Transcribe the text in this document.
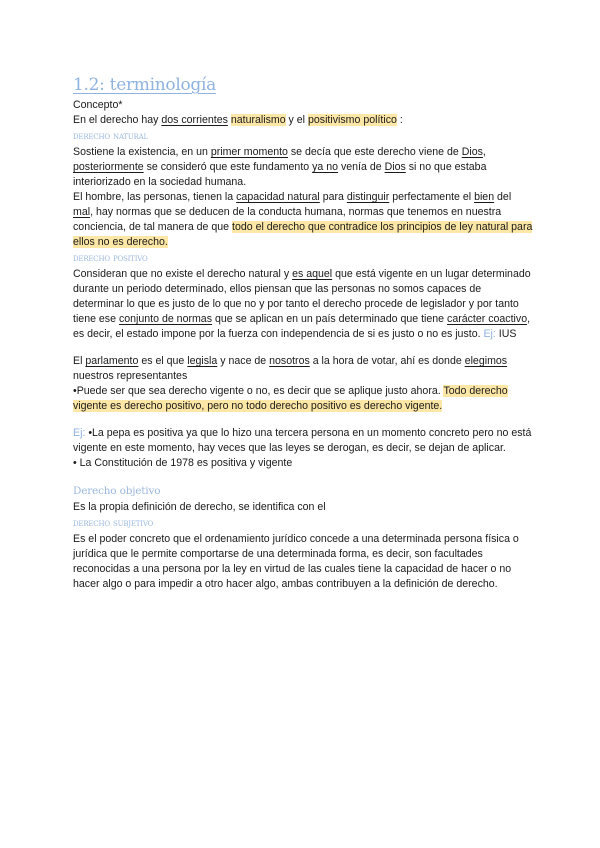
1.2: terminología

Concepto*

En el derecho hay dos corrientes naturalismo y el positivismo político :

derecho natural

Sostiene la existencia, en un primer momento se decía que este derecho viene de Dios,
posteriormente se consideró que este fundamento ya no venía de Dios si no que estaba interiorizado en la sociedad humana.

El hombre, las personas, tienen la capacidad natural para distinguir perfectamente el bien del mal, hay normas que se deducen de la conducta humana, normas que tenemos en nuestra conciencia, de tal manera de que todo el derecho que contradice los principios de ley natural para ellos no es derecho.

derecho positivo

Consideran que no existe el derecho natural y es aquel que está vigente en un lugar determinado durante un periodo determinado, ellos piensan que las personas no somos capaces de determinar lo que es justo de lo que no y por tanto el derecho procede de legislador y por tanto tiene ese conjunto de normas que se aplican en un país determinado que tiene carácter coactivo, es decir, el estado impone por la fuerza con independencia de si es justo o no es justo. Ej: IUS

El parlamento es el que legisla y nace de nosotros a la hora de votar, ahí es donde elegimos nuestros representantes

•Puede ser que sea derecho vigente o no, es decir que se aplique justo ahora. Todo derecho vigente es derecho positivo, pero no todo derecho positivo es derecho vigente.

Ej: •La pepa es positiva ya que lo hizo una tercera persona en un momento concreto pero no está vigente en este momento, hay veces que las leyes se derogan, es decir, se dejan de aplicar.

• La Constitución de 1978 es positiva y vigente

Derecho objetivo

Es la propia definición de derecho, se identifica con el

derecho subjetivo

Es el poder concreto que el ordenamiento jurídico concede a una determinada persona física o jurídica que le permite comportarse de una determinada forma, es decir, son facultades reconocidas a una persona por la ley en virtud de las cuales tiene la capacidad de hacer o no hacer algo o para impedir a otro hacer algo, ambas contribuyen a la definición de derecho.
